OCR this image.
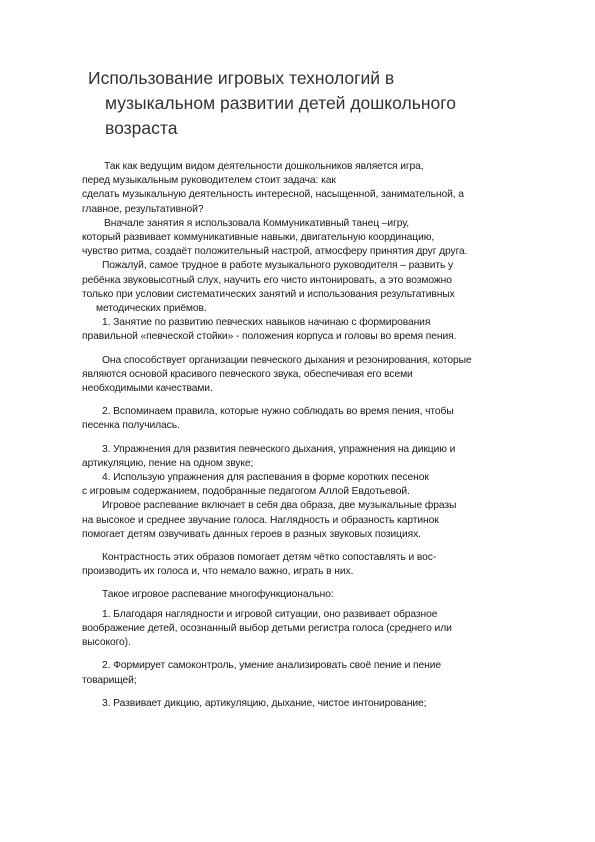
Использование игровых технологий в
музыкальном развитии детей дошкольного
возраста
Так как ведущим видом деятельности дошкольников является игра,
перед музыкальным руководителем стоит задача: как
сделать музыкальную деятельность интересной, насыщенной, занимательной, а
главное, результативной?
Вначале занятия я использовала Коммуникативный танец –игру,
который развивает коммуникативные навыки, двигательную координацию,
чувство ритма, создаёт положительный настрой, атмосферу принятия друг друга.
Пожалуй, самое трудное в работе музыкального руководителя – развить у
ребёнка звуковысотный слух, научить его чисто интонировать, а это возможно
только при условии систематических занятий и использования результативных
методических приёмов.
1. Занятие по развитию певческих навыков начинаю с формирования
правильной «певческой стойки» - положения корпуса и головы во время пения.
Она способствует организации певческого дыхания и резонирования, которые
являются основой красивого певческого звука, обеспечивая его всеми
необходимыми качествами.
2. Вспоминаем правила, которые нужно соблюдать во время пения, чтобы
песенка получилась.
3. Упражнения для развития певческого дыхания, упражнения на дикцию и
артикуляцию, пение на одном звуке;
4. Использую упражнения для распевания в форме коротких песенок
с игровым содержанием, подобранные педагогом Аллой Евдотьевой.
Игровое распевание включает в себя два образа, две музыкальные фразы
на высокое и среднее звучание голоса. Наглядность и образность картинок
помогает детям озвучивать данных героев в разных звуковых позициях.
Контрастность этих образов помогает детям чётко сопоставлять и вос-
производить их голоса и, что немало важно, играть в них.
Такое игровое распевание многофункционально:
1. Благодаря наглядности и игровой ситуации, оно развивает образное
воображение детей, осознанный выбор детьми регистра голоса (среднего или
высокого).
2. Формирует самоконтроль, умение анализировать своё пение и пение
товарищей;
3. Развивает дикцию, артикуляцию, дыхание, чистое интонирование;
